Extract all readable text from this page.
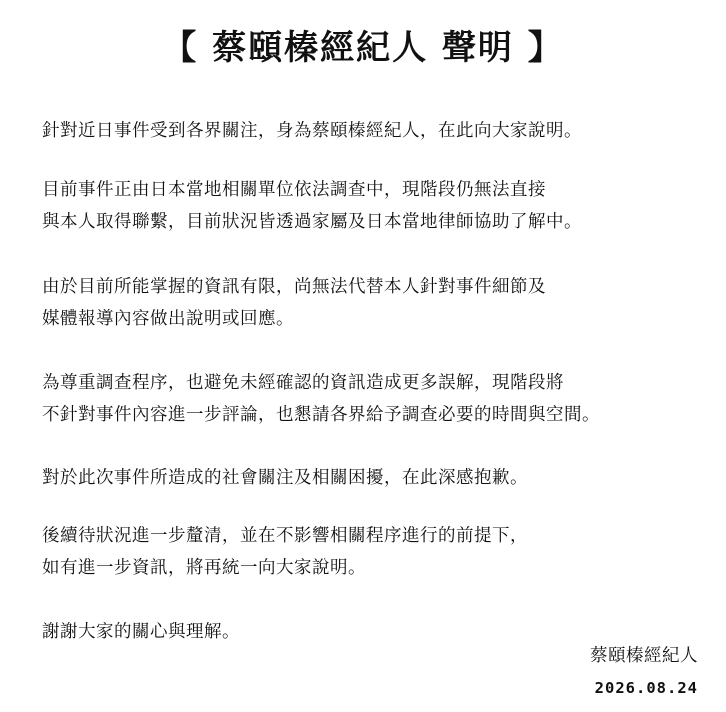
【 蔡頤榛經紀人 聲明 】
針對近日事件受到各界關注，身為蔡頤榛經紀人，在此向大家說明。
目前事件正由日本當地相關單位依法調查中，現階段仍無法直接
與本人取得聯繫，目前狀況皆透過家屬及日本當地律師協助了解中。
由於目前所能掌握的資訊有限，尚無法代替本人針對事件細節及
媒體報導內容做出說明或回應。
為尊重調查程序，也避免未經確認的資訊造成更多誤解，現階段將
不針對事件內容進一步評論，也懇請各界給予調查必要的時間與空間。
對於此次事件所造成的社會關注及相關困擾，在此深感抱歉。
後續待狀況進一步釐清，並在不影響相關程序進行的前提下，
如有進一步資訊，將再統一向大家說明。
謝謝大家的關心與理解。
蔡頤榛經紀人
2026.08.24
